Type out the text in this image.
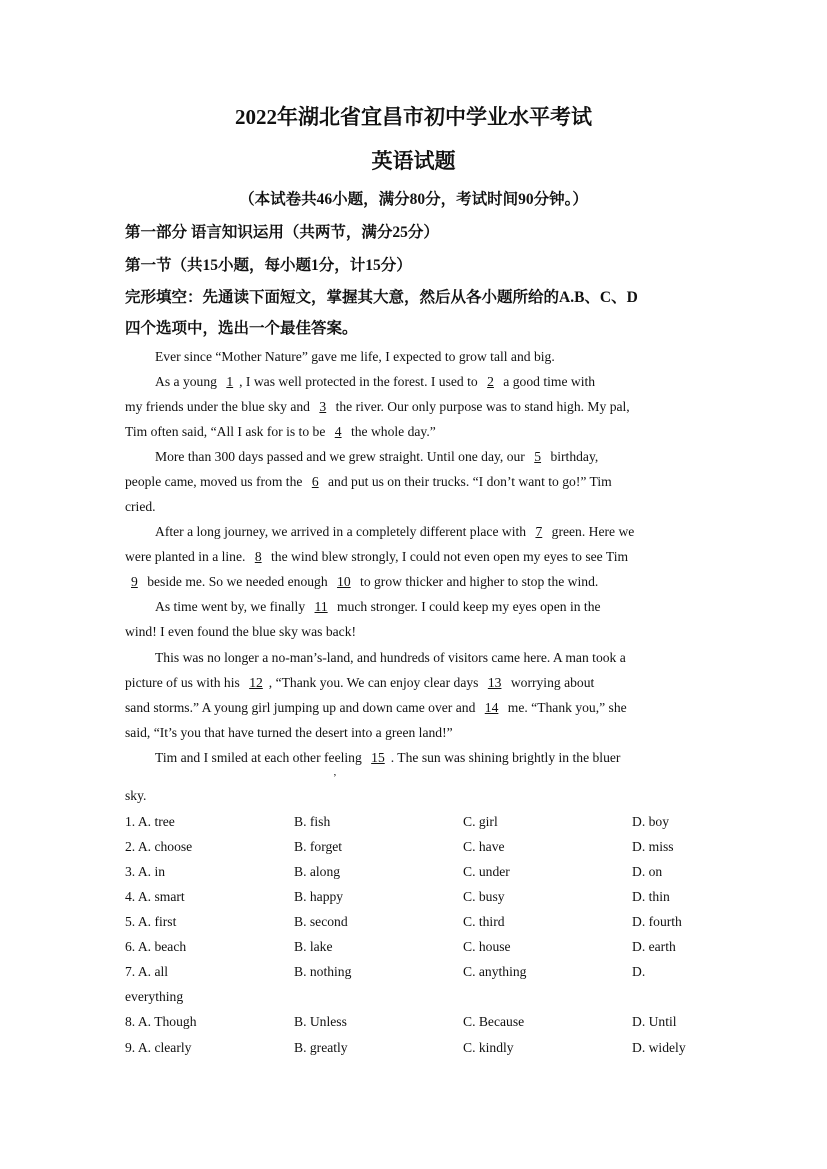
2022年湖北省宜昌市初中学业水平考试
英语试题
（本试卷共46小题，满分80分，考试时间90分钟。）
第一部分 语言知识运用（共两节，满分25分）
第一节（共15小题，每小题1分，计15分）
完形填空：先通读下面短文，掌握其大意，然后从各小题所给的A.B、C、D
四个选项中，选出一个最佳答案。
Ever since “Mother Nature” gave me life, I expected to grow tall and big.
As a young 1 , I was well protected in the forest. I used to 2 a good time with
my friends under the blue sky and 3 the river. Our only purpose was to stand high. My pal,
Tim often said, “All I ask for is to be 4 the whole day.”
More than 300 days passed and we grew straight. Until one day, our 5 birthday,
people came, moved us from the 6 and put us on their trucks. “I don’t want to go!” Tim
cried.
After a long journey, we arrived in a completely different place with 7 green. Here we
were planted in a line. 8 the wind blew strongly, I could not even open my eyes to see Tim
9 beside me. So we needed enough 10 to grow thicker and higher to stop the wind.
As time went by, we finally 11 much stronger. I could keep my eyes open in the
wind! I even found the blue sky was back!
This was no longer a no-man’s-land, and hundreds of visitors came here. A man took a
picture of us with his 12 , “Thank you. We can enjoy clear days 13 worrying about
sand storms.” A young girl jumping up and down came over and 14 me. “Thank you,” she
said, “It’s you that have turned the desert into a green land!”
Tim and I smiled at each other feeling 15 . The sun was shining brightly in the bluer
’
sky.
1. A. tree	B. fish	C. girl	D. boy
2. A. choose	B. forget	C. have	D. miss
3. A. in	B. along	C. under	D. on
4. A. smart	B. happy	C. busy	D. thin
5. A. first	B. second	C. third	D. fourth
6. A. beach	B. lake	C. house	D. earth
7. A. all	B. nothing	C. anything	D.
everything
8. A. Though	B. Unless	C. Because	D. Until
9. A. clearly	B. greatly	C. kindly	D. widely
